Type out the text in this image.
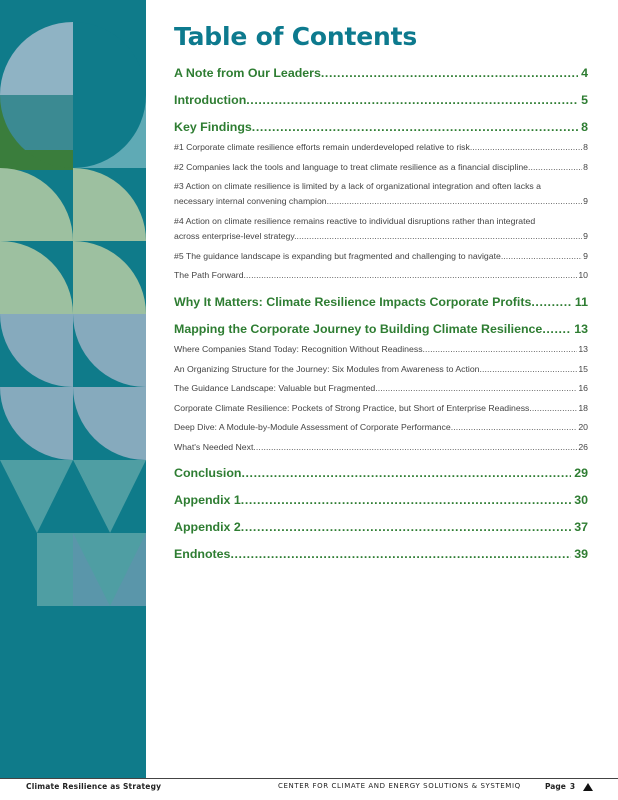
Table of Contents
A Note from Our Leaders .....	4
Introduction .....	5
Key Findings .....	8
#1 Corporate climate resilience efforts remain underdeveloped relative to risk. .....	8
#2 Companies lack the tools and language to treat climate resilience as a financial discipline .....	8
#3 Action on climate resilience is limited by a lack of organizational integration and often lacks a
necessary internal convening champion. .....	9
#4 Action on climate resilience remains reactive to individual disruptions rather than integrated
across enterprise-level strategy. .....	9
#5 The guidance landscape is expanding but fragmented and challenging to navigate. .....	9
The Path Forward .....	10
Why It Matters: Climate Resilience Impacts Corporate Profits .....	11
Mapping the Corporate Journey to Building Climate Resilience .....	13
Where Companies Stand Today: Recognition Without Readiness .....	13
An Organizing Structure for the Journey: Six Modules from Awareness to Action .....	15
The Guidance Landscape: Valuable but Fragmented .....	16
Corporate Climate Resilience: Pockets of Strong Practice, but Short of Enterprise Readiness .....	18
Deep Dive: A Module-by-Module Assessment of Corporate Performance .....	20
What's Needed Next .....	26
Conclusion .....	29
Appendix 1 .....	30
Appendix 2 .....	37
Endnotes .....	39
Climate Resilience as Strategy	CENTER FOR CLIMATE AND ENERGY SOLUTIONS & SYSTEMIQ	Page 3
